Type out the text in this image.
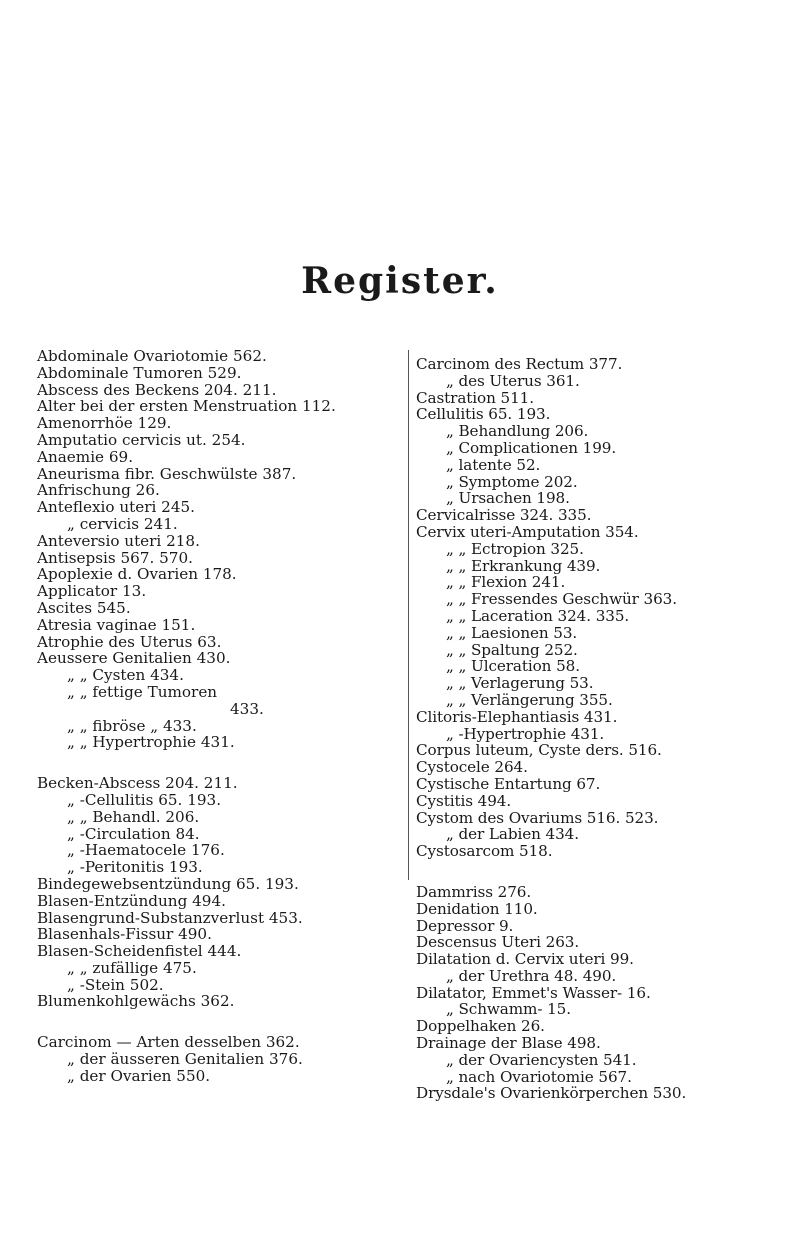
Register.
Abdominale Ovariotomie 562.
Abdominale Tumoren 529.
Abscess des Beckens 204. 211.
Alter bei der ersten Menstruation 112.
Amenorrhöe 129.
Amputatio cervicis ut. 254.
Anaemie 69.
Aneurisma fibr. Geschwülste 387.
Anfrischung 26.
Anteflexio uteri 245.
„ cervicis 241.
Anteversio uteri 218.
Antisepsis 567. 570.
Apoplexie d. Ovarien 178.
Applicator 13.
Ascites 545.
Atresia vaginae 151.
Atrophie des Uterus 63.
Aeussere Genitalien 430.
„ „ Cysten 434.
„ „ fettige Tumoren
433.
„ „ fibröse „ 433.
„ „ Hypertrophie 431.
Becken-Abscess 204. 211.
„ -Cellulitis 65. 193.
„ „ Behandl. 206.
„ -Circulation 84.
„ -Haematocele 176.
„ -Peritonitis 193.
Bindegewebsentzündung 65. 193.
Blasen-Entzündung 494.
Blasengrund-Substanzverlust 453.
Blasenhals-Fissur 490.
Blasen-Scheidenfistel 444.
„ „ zufällige 475.
„ -Stein 502.
Blumenkohlgewächs 362.
Carcinom — Arten desselben 362.
„ der äusseren Genitalien 376.
„ der Ovarien 550.
Carcinom des Rectum 377.
„ des Uterus 361.
Castration 511.
Cellulitis 65. 193.
„ Behandlung 206.
„ Complicationen 199.
„ latente 52.
„ Symptome 202.
„ Ursachen 198.
Cervicalrisse 324. 335.
Cervix uteri-Amputation 354.
„ „ Ectropion 325.
„ „ Erkrankung 439.
„ „ Flexion 241.
„ „ Fressendes Geschwür 363.
„ „ Laceration 324. 335.
„ „ Laesionen 53.
„ „ Spaltung 252.
„ „ Ulceration 58.
„ „ Verlagerung 53.
„ „ Verlängerung 355.
Clitoris-Elephantiasis 431.
„ -Hypertrophie 431.
Corpus luteum, Cyste ders. 516.
Cystocele 264.
Cystische Entartung 67.
Cystitis 494.
Cystom des Ovariums 516. 523.
„ der Labien 434.
Cystosarcom 518.
Dammriss 276.
Denidation 110.
Depressor 9.
Descensus Uteri 263.
Dilatation d. Cervix uteri 99.
„ der Urethra 48. 490.
Dilatator, Emmet's Wasser- 16.
„ Schwamm- 15.
Doppelhaken 26.
Drainage der Blase 498.
„ der Ovariencysten 541.
„ nach Ovariotomie 567.
Drysdale's Ovarienkörperchen 530.
